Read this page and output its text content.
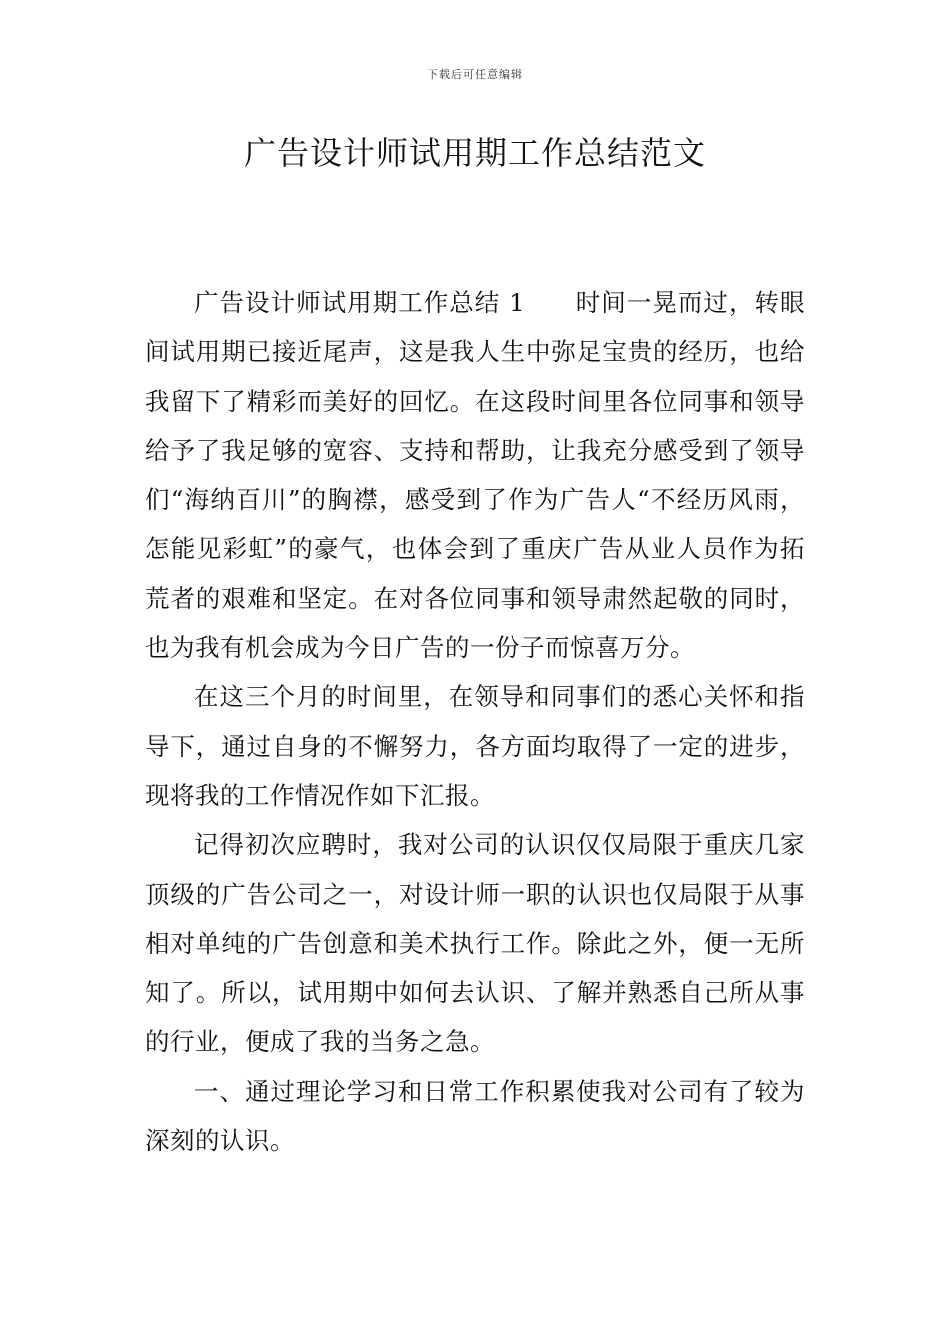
下载后可任意编辑
广告设计师试用期工作总结范文

广告设计师试用期工作总结 1 时间一晃而过，转眼间试用期已接近尾声，这是我人生中弥足宝贵的经历，也给我留下了精彩而美好的回忆。在这段时间里各位同事和领导给予了我足够的宽容、支持和帮助，让我充分感受到了领导们“海纳百川”的胸襟，感受到了作为广告人“不经历风雨，怎能见彩虹”的豪气，也体会到了重庆广告从业人员作为拓荒者的艰难和坚定。在对各位同事和领导肃然起敬的同时，也为我有机会成为今日广告的一份子而惊喜万分。

在这三个月的时间里，在领导和同事们的悉心关怀和指导下，通过自身的不懈努力，各方面均取得了一定的进步，现将我的工作情况作如下汇报。

记得初次应聘时，我对公司的认识仅仅局限于重庆几家顶级的广告公司之一，对设计师一职的认识也仅局限于从事相对单纯的广告创意和美术执行工作。除此之外，便一无所知了。所以，试用期中如何去认识、了解并熟悉自己所从事的行业，便成了我的当务之急。

一、通过理论学习和日常工作积累使我对公司有了较为深刻的认识。
